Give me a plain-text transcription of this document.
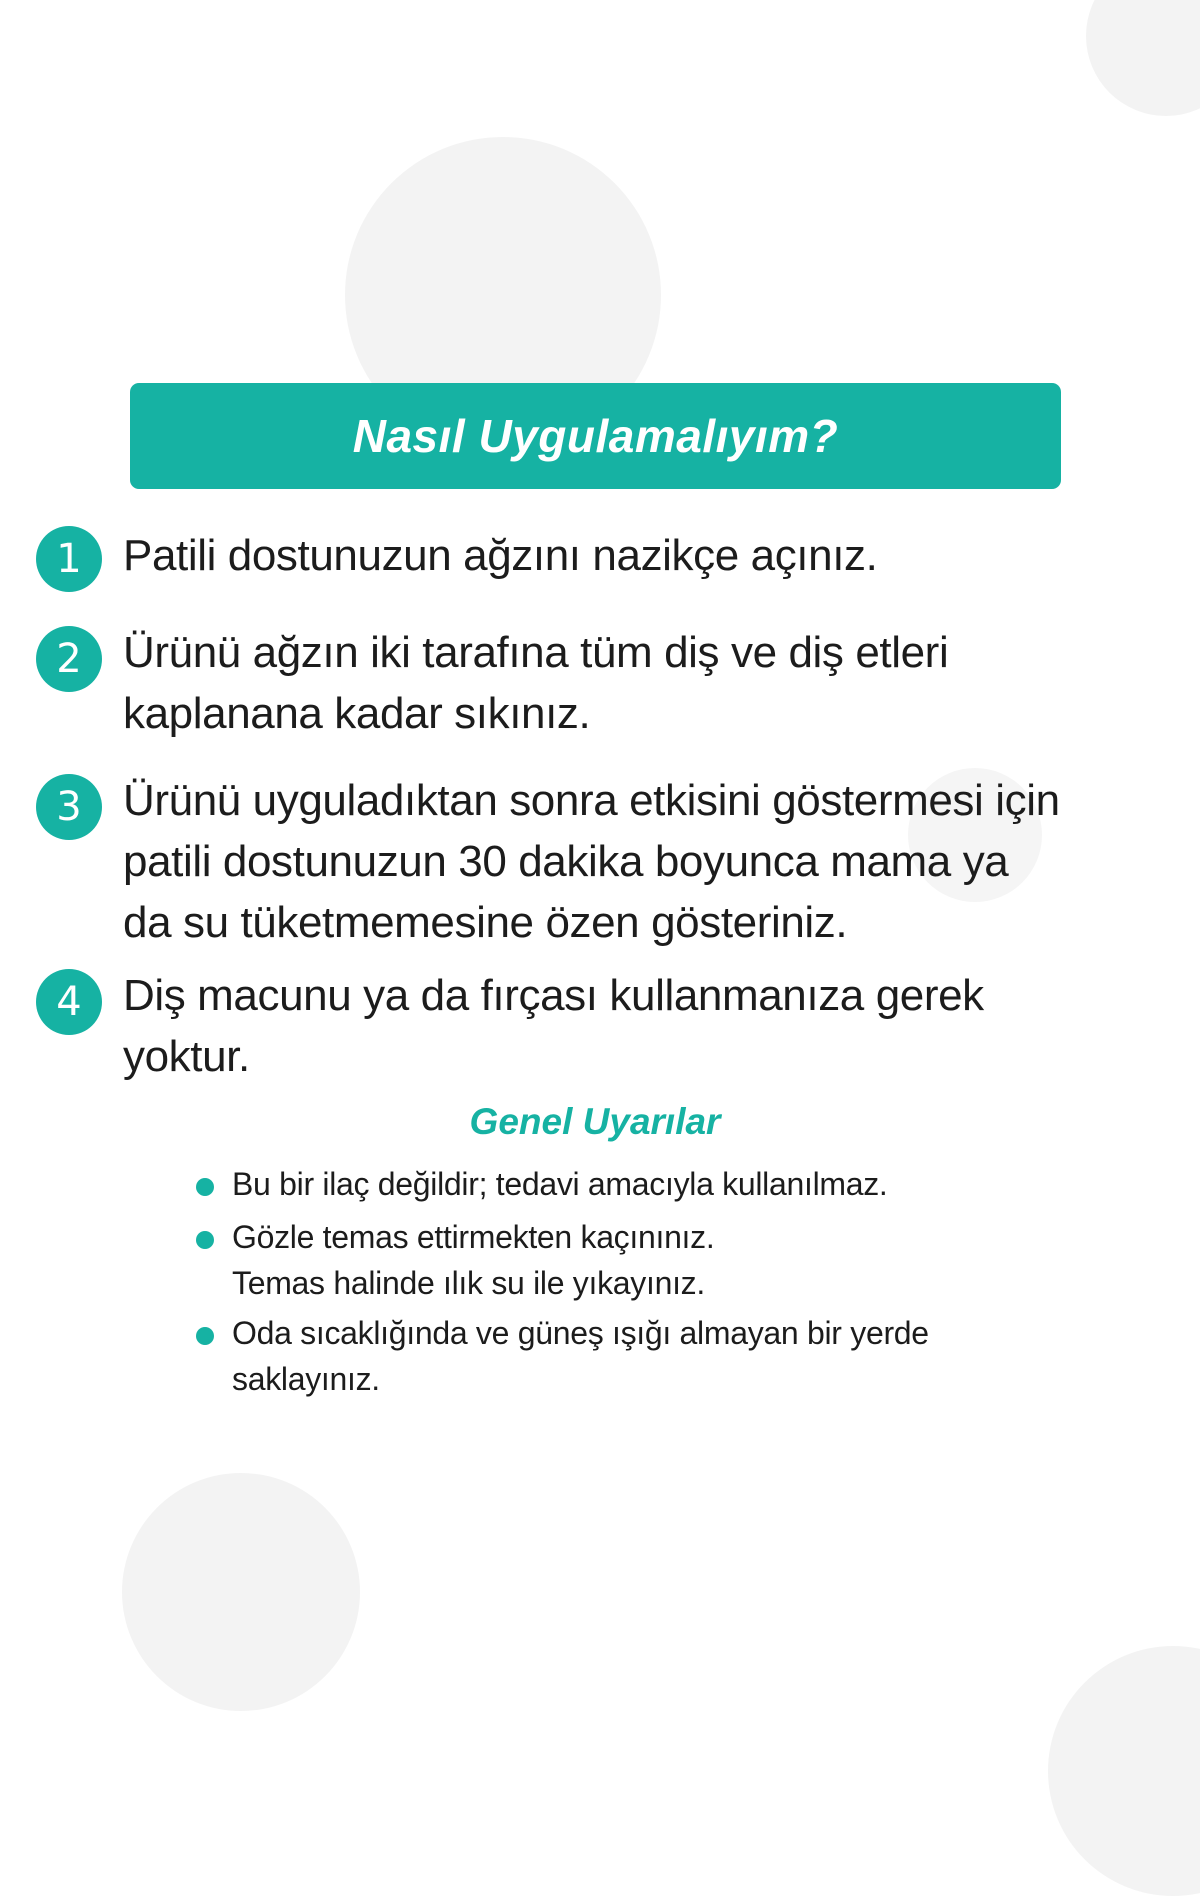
Nasıl Uygulamalıyım?
1 Patili dostunuzun ağzını nazikçe açınız.
2 Ürünü ağzın iki tarafına tüm diş ve diş etleri
kaplanana kadar sıkınız.
3 Ürünü uyguladıktan sonra etkisini göstermesi için
patili dostunuzun 30 dakika boyunca mama ya
da su tüketmemesine özen gösteriniz.
4 Diş macunu ya da fırçası kullanmanıza gerek
yoktur.
Genel Uyarılar
Bu bir ilaç değildir; tedavi amacıyla kullanılmaz.
Gözle temas ettirmekten kaçınınız.
Temas halinde ılık su ile yıkayınız.
Oda sıcaklığında ve güneş ışığı almayan bir yerde
saklayınız.
